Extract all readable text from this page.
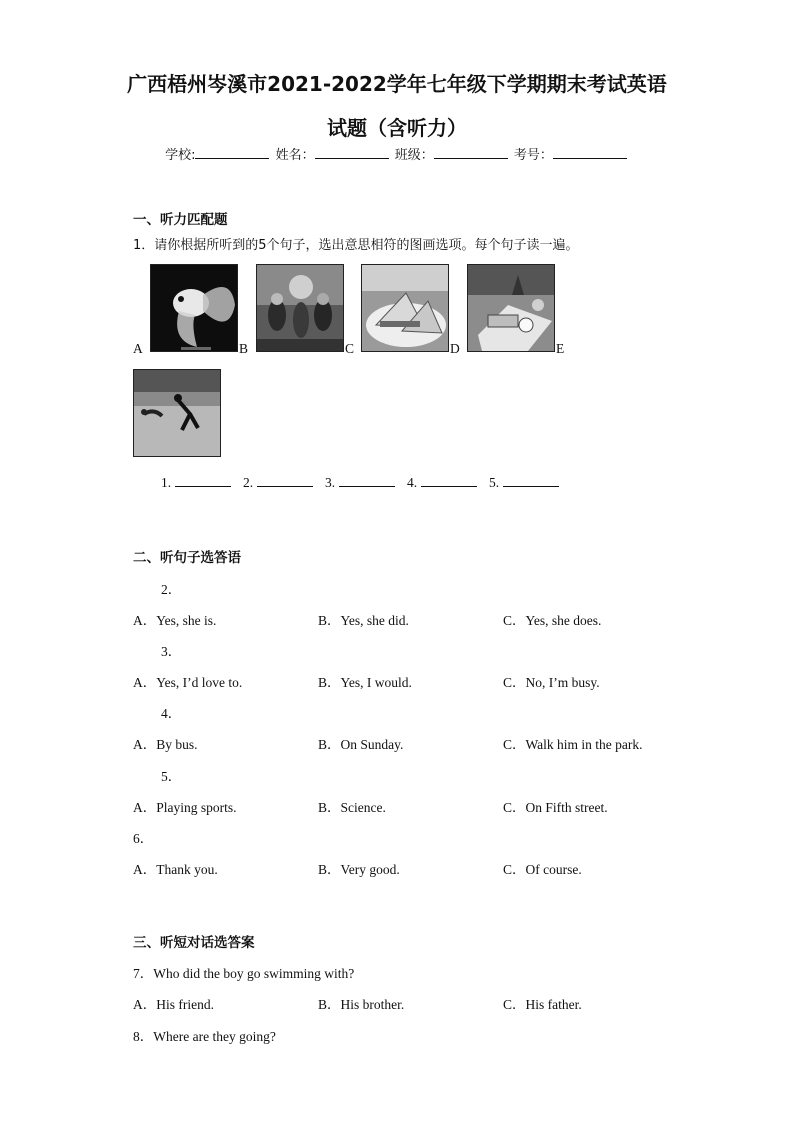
广西梧州岑溪市2021-2022学年七年级下学期期末考试英语
试题（含听力）
学校:	姓名：	班级：	考号：
一、听力匹配题
1．请你根据所听到的5个句子，选出意思相符的图画选项。每个句子读一遍。
A	B	C	D	E
1.	2.	3.	4.	5.
二、听句子选答语
2．
A．Yes, she is.	B．Yes, she did.	C．Yes, she does.
3．
A．Yes, I’d love to.	B．Yes, I would.	C．No, I’m busy.
4．
A．By bus.	B．On Sunday.	C．Walk him in the park.
5．
A．Playing sports.	B．Science.	C．On Fifth street.
6．
A．Thank you.	B．Very good.	C．Of course.
三、听短对话选答案
7．Who did the boy go swimming with?
A．His friend.	B．His brother.	C．His father.
8．Where are they going?
